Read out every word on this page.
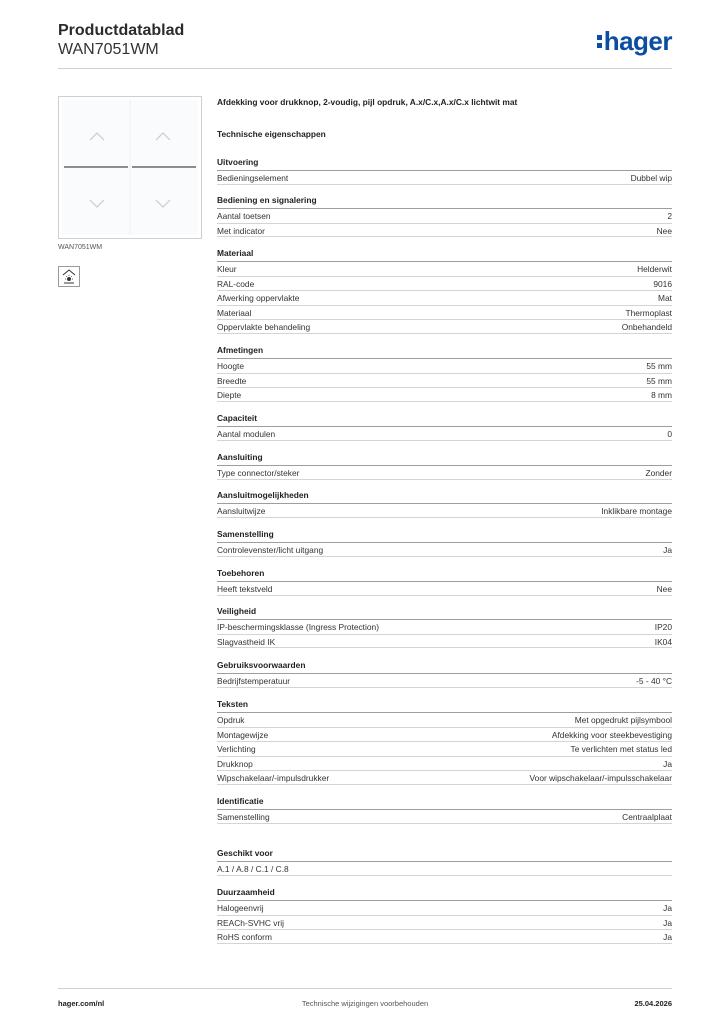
Productdatablad
WAN7051WM	hager
WAN7051WM
Afdekking voor drukknop, 2-voudig, pijl opdruk, A.x/C.x,A.x/C.x lichtwit mat
Technische eigenschappen
Uitvoering
Bedieningselement	Dubbel wip
Bediening en signalering
Aantal toetsen	2
Met indicator	Nee
Materiaal
Kleur	Helderwit
RAL-code	9016
Afwerking oppervlakte	Mat
Materiaal	Thermoplast
Oppervlakte behandeling	Onbehandeld
Afmetingen
Hoogte	55 mm
Breedte	55 mm
Diepte	8 mm
Capaciteit
Aantal modulen	0
Aansluiting
Type connector/steker	Zonder
Aansluitmogelijkheden
Aansluitwijze	Inklikbare montage
Samenstelling
Controlevenster/licht uitgang	Ja
Toebehoren
Heeft tekstveld	Nee
Veiligheid
IP-beschermingsklasse (Ingress Protection)	IP20
Slagvastheid IK	IK04
Gebruiksvoorwaarden
Bedrijfstemperatuur	-5 - 40 °C
Teksten
Opdruk	Met opgedrukt pijlsymbool
Montagewijze	Afdekking voor steekbevestiging
Verlichting	Te verlichten met status led
Drukknop	Ja
Wipschakelaar/-impulsdrukker	Voor wipschakelaar/-impulsschakelaar
Identificatie
Samenstelling	Centraalplaat
Geschikt voor
A.1 / A.8 / C.1 / C.8
Duurzaamheid
Halogeenvrij	Ja
REACh-SVHC vrij	Ja
RoHS conform	Ja
hager.com/nl	Technische wijzigingen voorbehouden	25.04.2026
